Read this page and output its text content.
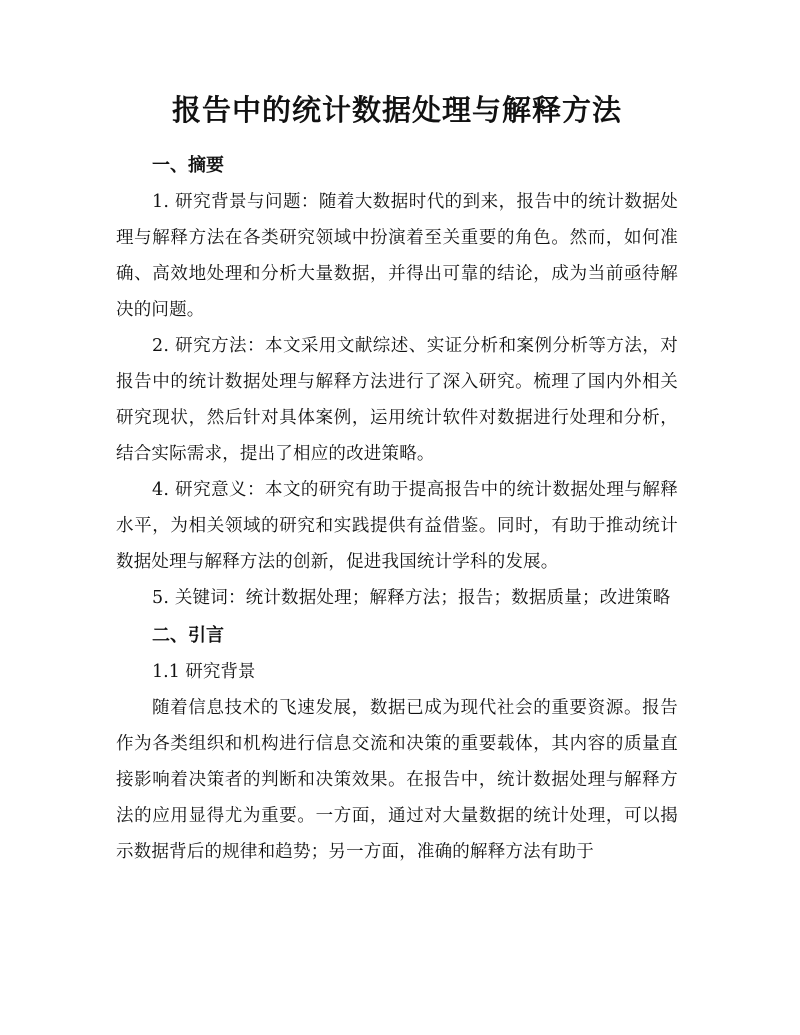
报告中的统计数据处理与解释方法
一、摘要

1. 研究背景与问题：随着大数据时代的到来，报告中的统计数据处理与解释方法在各类研究领域中扮演着至关重要的角色。然而，如何准确、高效地处理和分析大量数据，并得出可靠的结论，成为当前亟待解决的问题。

2. 研究方法：本文采用文献综述、实证分析和案例分析等方法，对报告中的统计数据处理与解释方法进行了深入研究。梳理了国内外相关研究现状，然后针对具体案例，运用统计软件对数据进行处理和分析，结合实际需求，提出了相应的改进策略。

4. 研究意义：本文的研究有助于提高报告中的统计数据处理与解释水平，为相关领域的研究和实践提供有益借鉴。同时，有助于推动统计数据处理与解释方法的创新，促进我国统计学科的发展。

5. 关键词：统计数据处理；解释方法；报告；数据质量；改进策略

二、引言

1.1 研究背景

随着信息技术的飞速发展，数据已成为现代社会的重要资源。报告作为各类组织和机构进行信息交流和决策的重要载体，其内容的质量直接影响着决策者的判断和决策效果。在报告中，统计数据处理与解释方法的应用显得尤为重要。一方面，通过对大量数据的统计处理，可以揭示数据背后的规律和趋势；另一方面，准确的解释方法有助于
